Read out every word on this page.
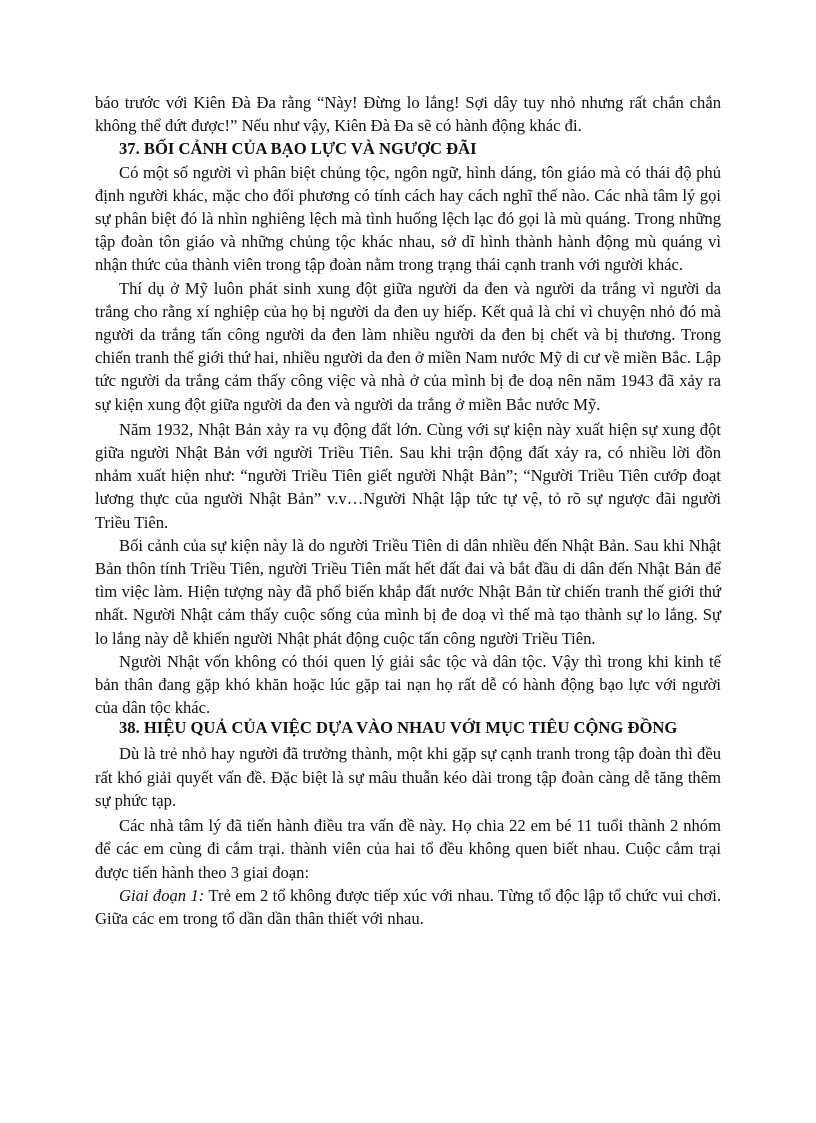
báo trước với Kiên Đà Đa rằng “Này! Đừng lo lắng! Sợi dây tuy nhỏ nhưng rất chắn chắn không thể đứt được!” Nếu như vậy, Kiên Đà Đa sẽ có hành động khác đi.

37. BỐI CẢNH CỦA BẠO LỰC VÀ NGƯỢC ĐÃI

Có một số người vì phân biệt chủng tộc, ngôn ngữ, hình dáng, tôn giáo mà có thái độ phủ định người khác, mặc cho đối phương có tính cách hay cách nghĩ thế nào. Các nhà tâm lý gọi sự phân biệt đó là nhìn nghiêng lệch mà tình huống lệch lạc đó gọi là mù quáng. Trong những tập đoàn tôn giáo và những chủng tộc khác nhau, sở dĩ hình thành hành động mù quáng vì nhận thức của thành viên trong tập đoàn nằm trong trạng thái cạnh tranh với người khác.

Thí dụ ở Mỹ luôn phát sinh xung đột giữa người da đen và người da trắng vì người da trắng cho rằng xí nghiệp của họ bị người da đen uy hiếp. Kết quả là chỉ vì chuyện nhỏ đó mà người da trắng tấn công người da đen làm nhiều người da đen bị chết và bị thương. Trong chiến tranh thế giới thứ hai, nhiều người da đen ở miền Nam nước Mỹ di cư về miền Bắc. Lập tức người da trắng cảm thấy công việc và nhà ở của mình bị đe doạ nên năm 1943 đã xảy ra sự kiện xung đột giữa người da đen và người da trắng ở miền Bắc nước Mỹ.

Năm 1932, Nhật Bản xảy ra vụ động đất lớn. Cùng với sự kiện này xuất hiện sự xung đột giữa người Nhật Bản với người Triều Tiên. Sau khi trận động đất xảy ra, có nhiều lời đồn nhảm xuất hiện như: “người Triều Tiên giết người Nhật Bản”; “Người Triều Tiên cướp đoạt lương thực của người Nhật Bản” v.v…Người Nhật lập tức tự vệ, tỏ rõ sự ngược đãi người Triều Tiên.

Bối cảnh của sự kiện này là do người Triều Tiên di dân nhiều đến Nhật Bản. Sau khi Nhật Bản thôn tính Triều Tiên, người Triều Tiên mất hết đất đai và bắt đầu di dân đến Nhật Bản để tìm việc làm. Hiện tượng này đã phổ biến khắp đất nước Nhật Bản từ chiến tranh thế giới thứ nhất. Người Nhật cảm thấy cuộc sống của mình bị đe doạ vì thế mà tạo thành sự lo lắng. Sự lo lắng này dễ khiến người Nhật phát động cuộc tấn công người Triều Tiên.

Người Nhật vốn không có thói quen lý giải sắc tộc và dân tộc. Vậy thì trong khi kinh tế bản thân đang gặp khó khăn hoặc lúc gặp tai nạn họ rất dễ có hành động bạo lực với người của dân tộc khác.

38. HIỆU QUẢ CỦA VIỆC DỰA VÀO NHAU VỚI MỤC TIÊU CỘNG ĐỒNG

Dù là trẻ nhỏ hay người đã trưởng thành, một khi gặp sự cạnh tranh trong tập đoàn thì đều rất khó giải quyết vấn đề. Đặc biệt là sự mâu thuẫn kéo dài trong tập đoàn càng dễ tăng thêm sự phức tạp.

Các nhà tâm lý đã tiến hành điều tra vấn đề này. Họ chia 22 em bé 11 tuổi thành 2 nhóm để các em cùng đi cắm trại. thành viên của hai tổ đều không quen biết nhau. Cuộc cắm trại được tiến hành theo 3 giai đoạn:

Giai đoạn 1: Trẻ em 2 tổ không được tiếp xúc với nhau. Từng tổ độc lập tổ chức vui chơi. Giữa các em trong tổ dần dần thân thiết với nhau.
